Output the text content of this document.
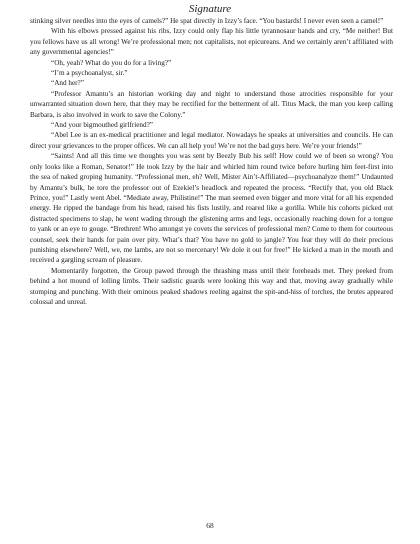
Signature

stinking silver needles into the eyes of camels?” He spat directly in Izzy’s face. “You bastards! I never even seen a camel!”

With his elbows pressed against his ribs, Izzy could only flap his little tyrannosaur hands and cry, “Me neither! But you fellows have us all wrong! We’re professional men; not capitalists, not epicureans. And we certainly aren’t affiliated with any governmental agencies!”

“Oh, yeah? What do you do for a living?”

“I’m a psychoanalyst, sir.”

“And her?”

“Professor Amantu’s an historian working day and night to understand those atrocities responsible for your unwarranted situation down here, that they may be rectified for the betterment of all. Titus Mack, the man you keep calling Barbara, is also involved in work to save the Colony.”

“And your bigmouthed girlfriend?”

“Abel Lee is an ex-medical practitioner and legal mediator. Nowadays he speaks at universities and councils. He can direct your grievances to the proper offices. We can all help you! We’re not the bad guys here. We’re your friends!”

“Saints! And all this time we thoughts you was sent by Beezly Bub his self! How could we of been so wrong? You only looks like a Roman, Senator!” He took Izzy by the hair and whirled him round twice before hurling him feet-first into the sea of naked groping humanity. “Professional men, eh? Well, Mister Ain’t-Affiliated—psychoanalyze them!” Undaunted by Amantu’s bulk, he tore the professor out of Ezekiel’s headlock and repeated the process. “Rectify that, you old Black Prince, you!” Lastly went Abel. “Mediate away, Philistine!” The man seemed even bigger and more vital for all his expended energy. He ripped the bandage from his head, raised his fists lustily, and roared like a gorilla. While his cohorts picked out distracted specimens to slap, he went wading through the glistening arms and legs, occasionally reaching down for a tongue to yank or an eye to gouge. “Brethren! Who amongst ye covets the services of professional men? Come to them for courteous counsel, seek their hands for pain over pity. What’s that? You have no gold to jangle? You fear they will do their precious punishing elsewhere? Well, we, me lambs, are not so mercenary! We dole it out for free!” He kicked a man in the mouth and received a gargling scream of pleasure.

Momentarily forgotten, the Group pawed through the thrashing mass until their foreheads met. They peeked from behind a hot mound of lolling limbs. Their sadistic guards were looking this way and that, moving away gradually while stomping and punching. With their ominous peaked shadows reeling against the spit-and-hiss of torches, the brutes appeared colossal and unreal.

68
